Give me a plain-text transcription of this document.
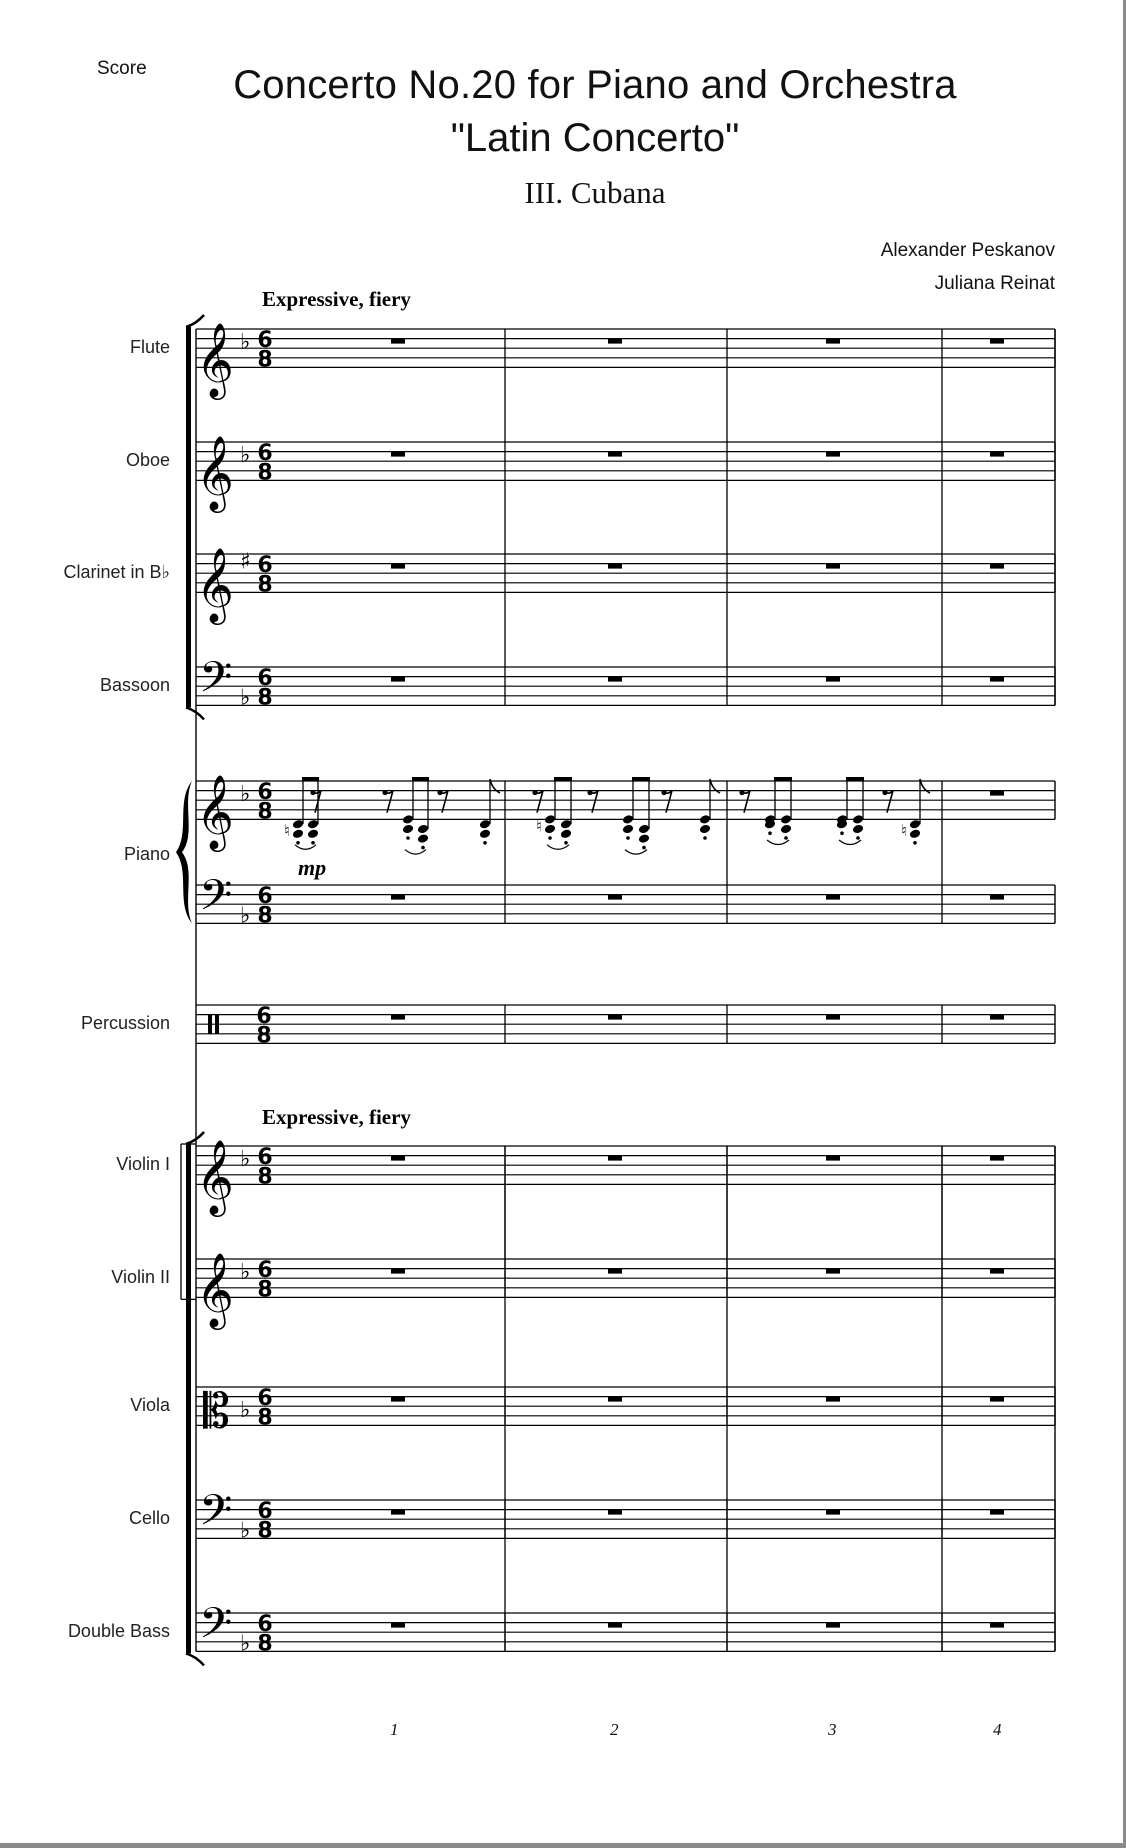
Score	Concerto No.20 for Piano and Orchestra
"Latin Concerto"
III. Cubana
Alexander Peskanov
Juliana Reinat
Expressive, fiery
Expressive, fiery
mp
Flute
Oboe
Clarinet in B♭
Bassoon
Piano
Percussion
Violin I
Violin II
Viola
Cello
Double Bass
1	2	3	4
𝄞 ♭ 6
8
𝄞 ♭ 6
8
𝄞 ♯ 6
8
𝄢 ♭
6
8
𝄞 ♭ 6
8
𝄢 ♭
6
8
6
8
𝄞 ♭ 6
8
𝄞 ♭ 6
8
𝄡 ♭ 6
8
𝄢 ♭
6
8
𝄢 ♭
6
8
♮	♮	♮
